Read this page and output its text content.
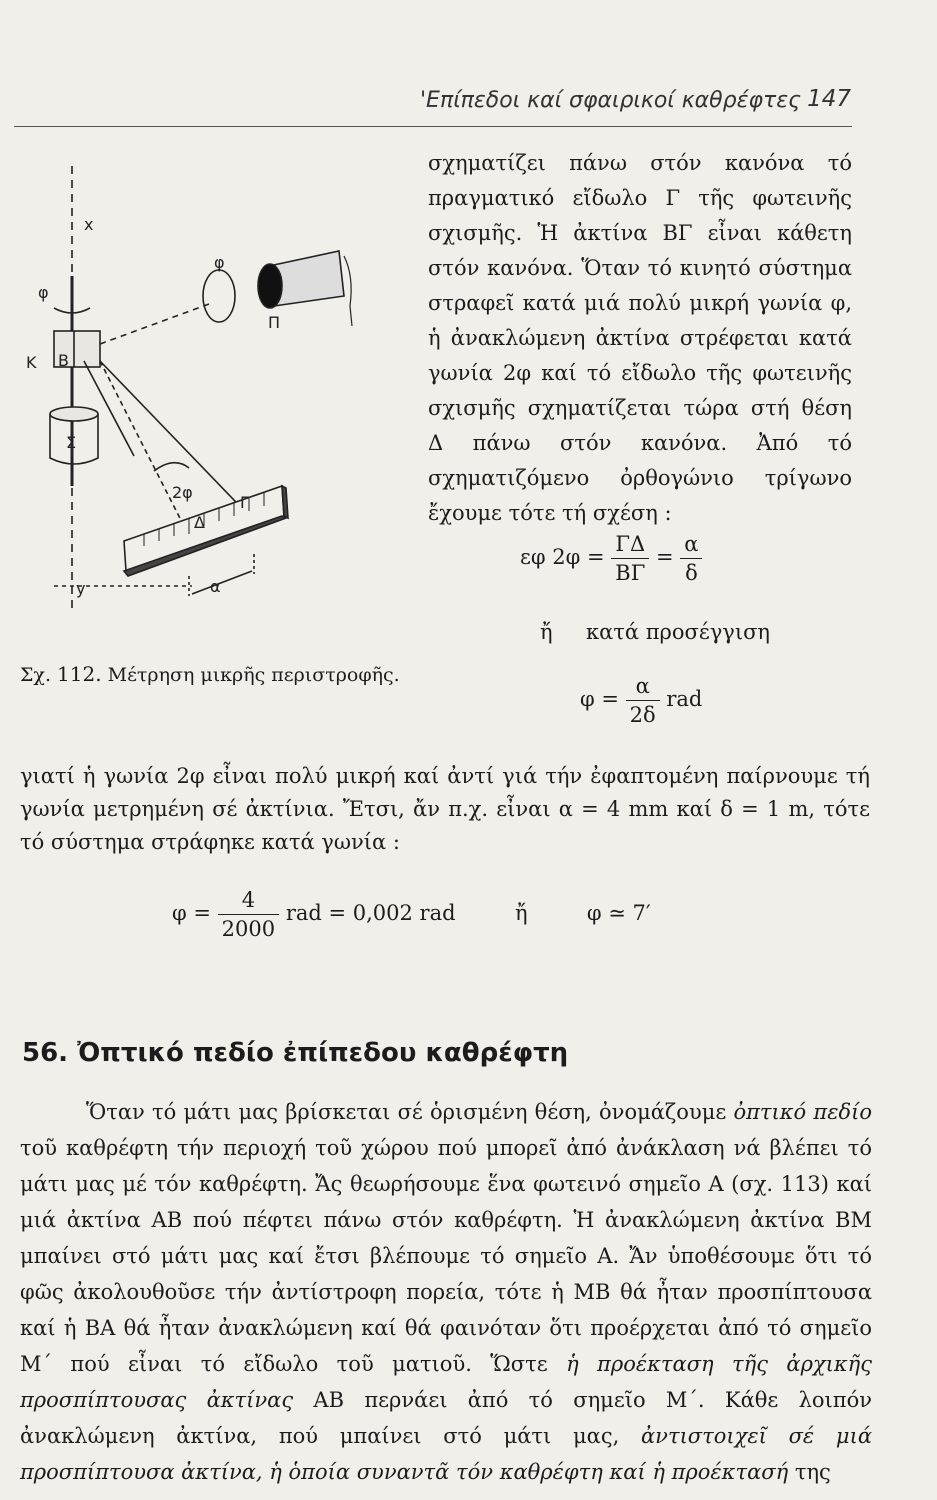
'Επίπεδοι καί σφαιρικοί καθρέφτες 147
x
y
φ
φ
Κ Β
Σ
Π
2φ
Δ
Γ
α
Σχ. 112. Μέτρηση μικρῆς περιστροφῆς.

σχηματίζει πάνω στόν κανόνα τό πραγματικό εἴδωλο Γ τῆς φωτεινῆς σχισμῆς. Ἡ ἀκτίνα ΒΓ εἶναι κάθετη στόν κανόνα. Ὅταν τό κινητό σύστημα στραφεῖ κατά μιά πολύ μικρή γωνία φ, ἡ ἀνακλώμενη ἀκτίνα στρέφεται κατά γωνία 2φ καί τό εἴδωλο τῆς φωτεινῆς σχισμῆς σχηματίζεται τώρα στή θέση Δ πάνω στόν κανόνα. Ἀπό τό σχηματιζόμενο ὀρθογώνιο τρίγωνο ἔχουμε τότε τή σχέση :

εφ $2\varphi = \frac{\Gamma\Delta}{B\Gamma} = \frac{\alpha}{\delta}$
ἤ     κατά προσέγγιση
$\varphi = \frac{\alpha}{2\delta}$ rad

γιατί ἡ γωνία 2φ εἶναι πολύ μικρή καί ἀντί γιά τήν ἐφαπτομένη παίρνουμε τή γωνία μετρημένη σέ ἀκτίνια. Ἔτσι, ἄν π.χ. εἶναι α = 4 mm καί δ = 1 m, τότε τό σύστημα στράφηκε κατά γωνία :

$\varphi = \frac{4}{2000}$ rad = 0,002 rad	ἤ	φ ≃ 7′
56. Ὀπτικό πεδίο ἐπίπεδου καθρέφτη

Ὅταν τό μάτι μας βρίσκεται σέ ὁρισμένη θέση, ὀνομάζουμε ὀπτικό πεδίο τοῦ καθρέφτη τήν περιοχή τοῦ χώρου πού μπορεῖ ἀπό ἀνάκλαση νά βλέπει τό μάτι μας μέ τόν καθρέφτη. Ἄς θεωρήσουμε ἕνα φωτεινό σημεῖο Α (σχ. 113) καί μιά ἀκτίνα ΑΒ πού πέφτει πάνω στόν καθρέφτη. Ἡ ἀνακλώμενη ἀκτίνα ΒΜ μπαίνει στό μάτι μας καί ἔτσι βλέπουμε τό σημεῖο Α. Ἄν ὑποθέσουμε ὅτι τό φῶς ἀκολουθοῦσε τήν ἀντίστροφη πορεία, τότε ἡ ΜΒ θά ἦταν προσπίπτουσα καί ἡ ΒΑ θά ἦταν ἀνακλώμενη καί θά φαινόταν ὅτι προέρχεται ἀπό τό σημεῖο Μ΄ πού εἶναι τό εἴδωλο τοῦ ματιοῦ. Ὥστε ἡ προέκταση τῆς ἀρχικῆς προσπίπτουσας ἀκτίνας ΑΒ περνάει ἀπό τό σημεῖο Μ΄. Κάθε λοιπόν ἀνακλώμενη ἀκτίνα, πού μπαίνει στό μάτι μας, ἀντιστοιχεῖ σέ μιά προσπίπτουσα ἀκτίνα, ἡ ὁποία συναντᾶ τόν καθρέφτη καί ἡ προέκτασή της
